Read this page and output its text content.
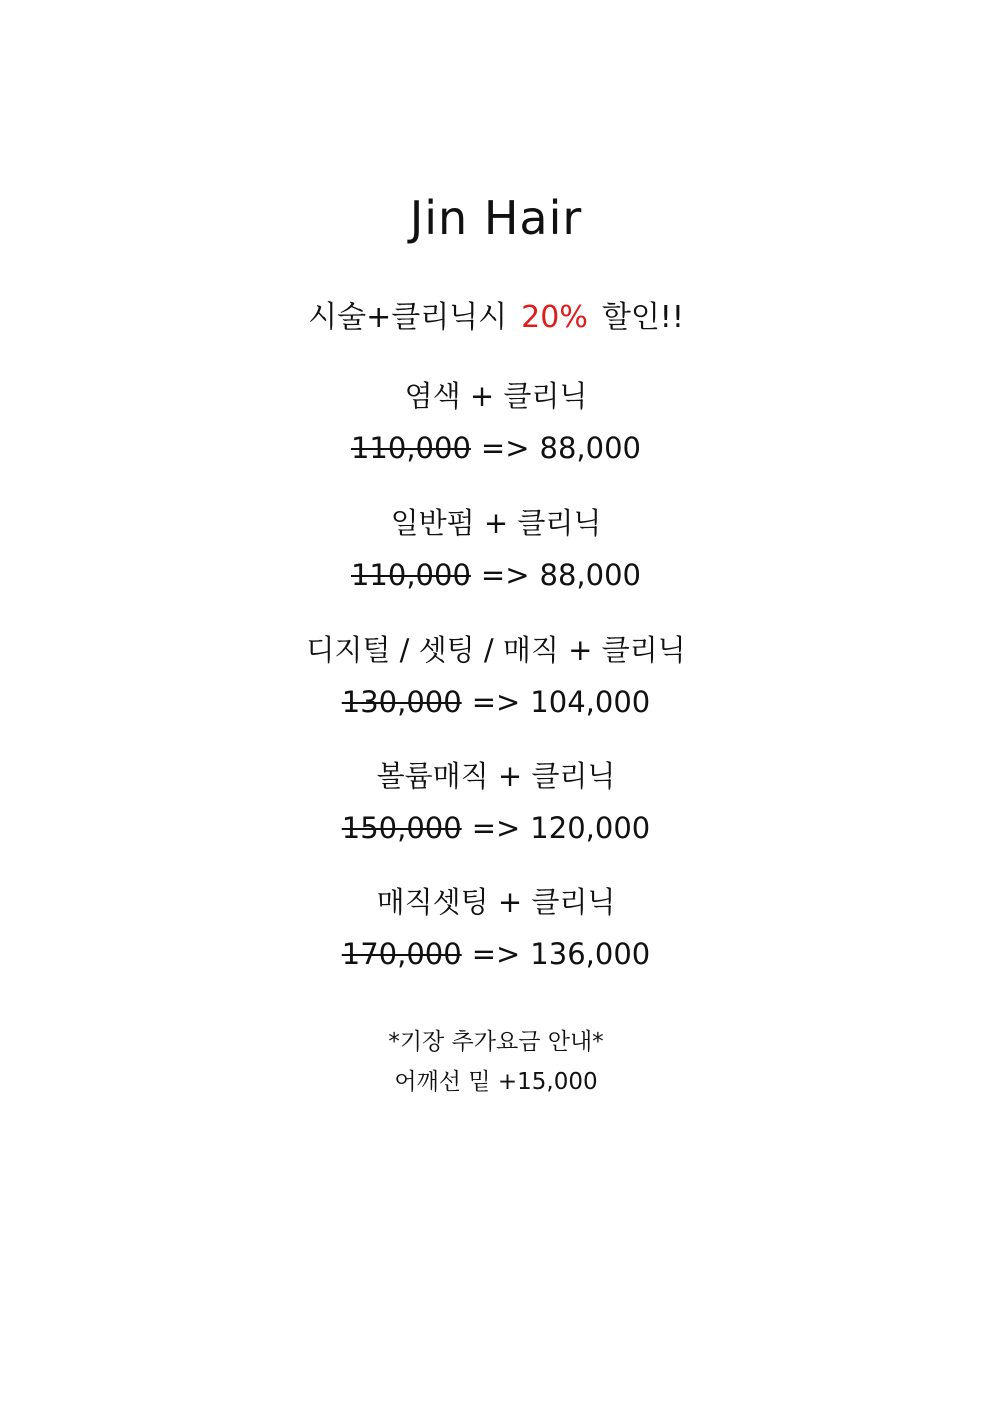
Jin Hair
시술+클리닉시 20% 할인!!
염색 + 클리닉
110,000 => 88,000
일반펌 + 클리닉
110,000 => 88,000
디지털 / 셋팅 / 매직 + 클리닉
130,000 => 104,000
볼륨매직 + 클리닉
150,000 => 120,000
매직셋팅 + 클리닉
170,000 => 136,000
*기장 추가요금 안내*
어깨선 밑 +15,000
